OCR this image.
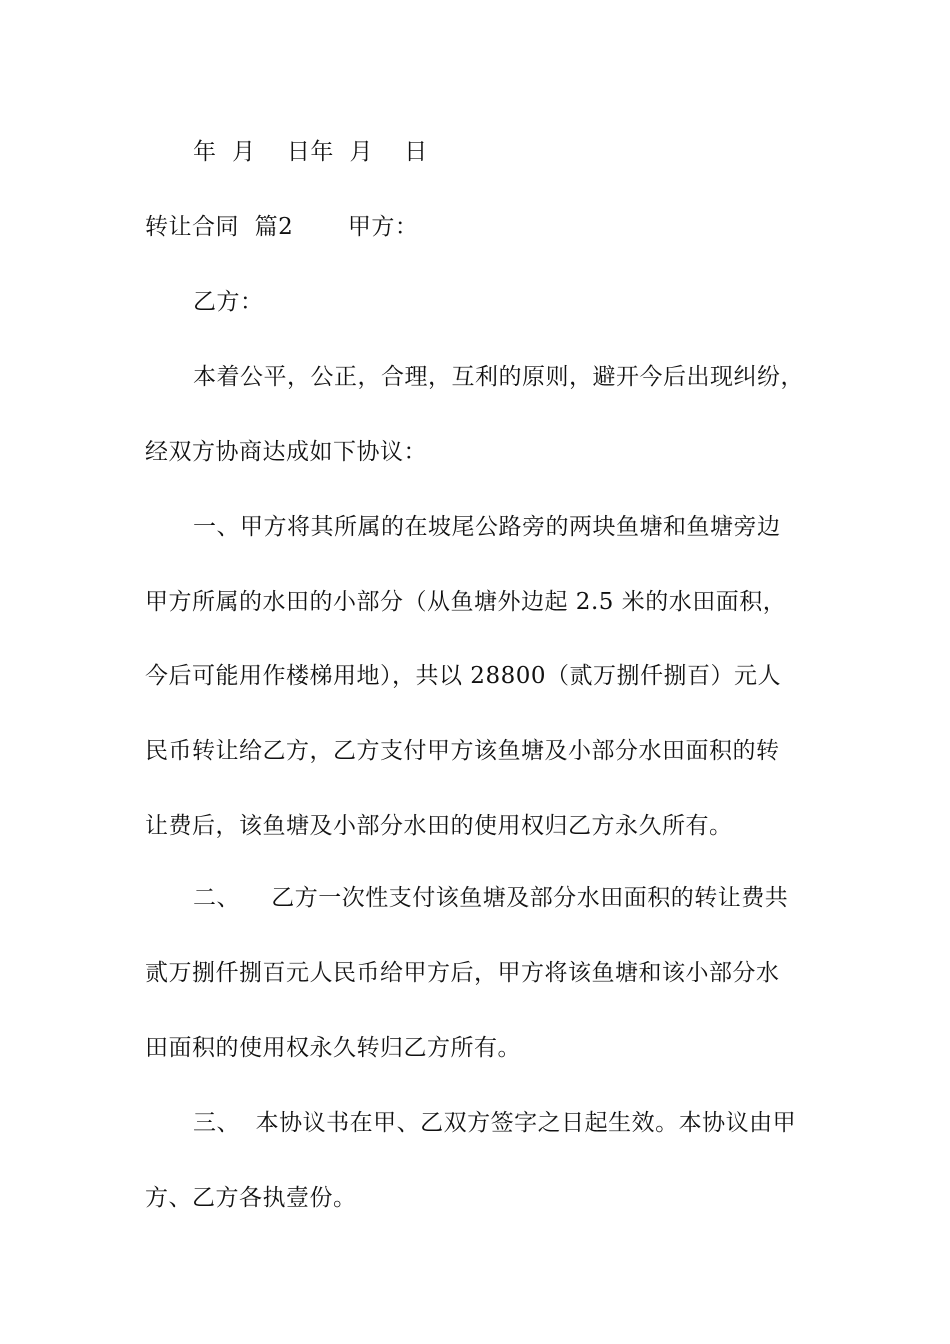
年  月    日年  月    日
转让合同  篇2       甲方：
乙方：
本着公平，公正，合理，互利的原则，避开今后出现纠纷，
经双方协商达成如下协议：
一、甲方将其所属的在坡尾公路旁的两块鱼塘和鱼塘旁边
甲方所属的水田的小部分（从鱼塘外边起 2.5 米的水田面积，
今后可能用作楼梯用地），共以 28800（贰万捌仟捌百）元人
民币转让给乙方，乙方支付甲方该鱼塘及小部分水田面积的转
让费后，该鱼塘及小部分水田的使用权归乙方永久所有。
二、    乙方一次性支付该鱼塘及部分水田面积的转让费共
贰万捌仟捌百元人民币给甲方后，甲方将该鱼塘和该小部分水
田面积的使用权永久转归乙方所有。
三、  本协议书在甲、乙双方签字之日起生效。本协议由甲
方、乙方各执壹份。
